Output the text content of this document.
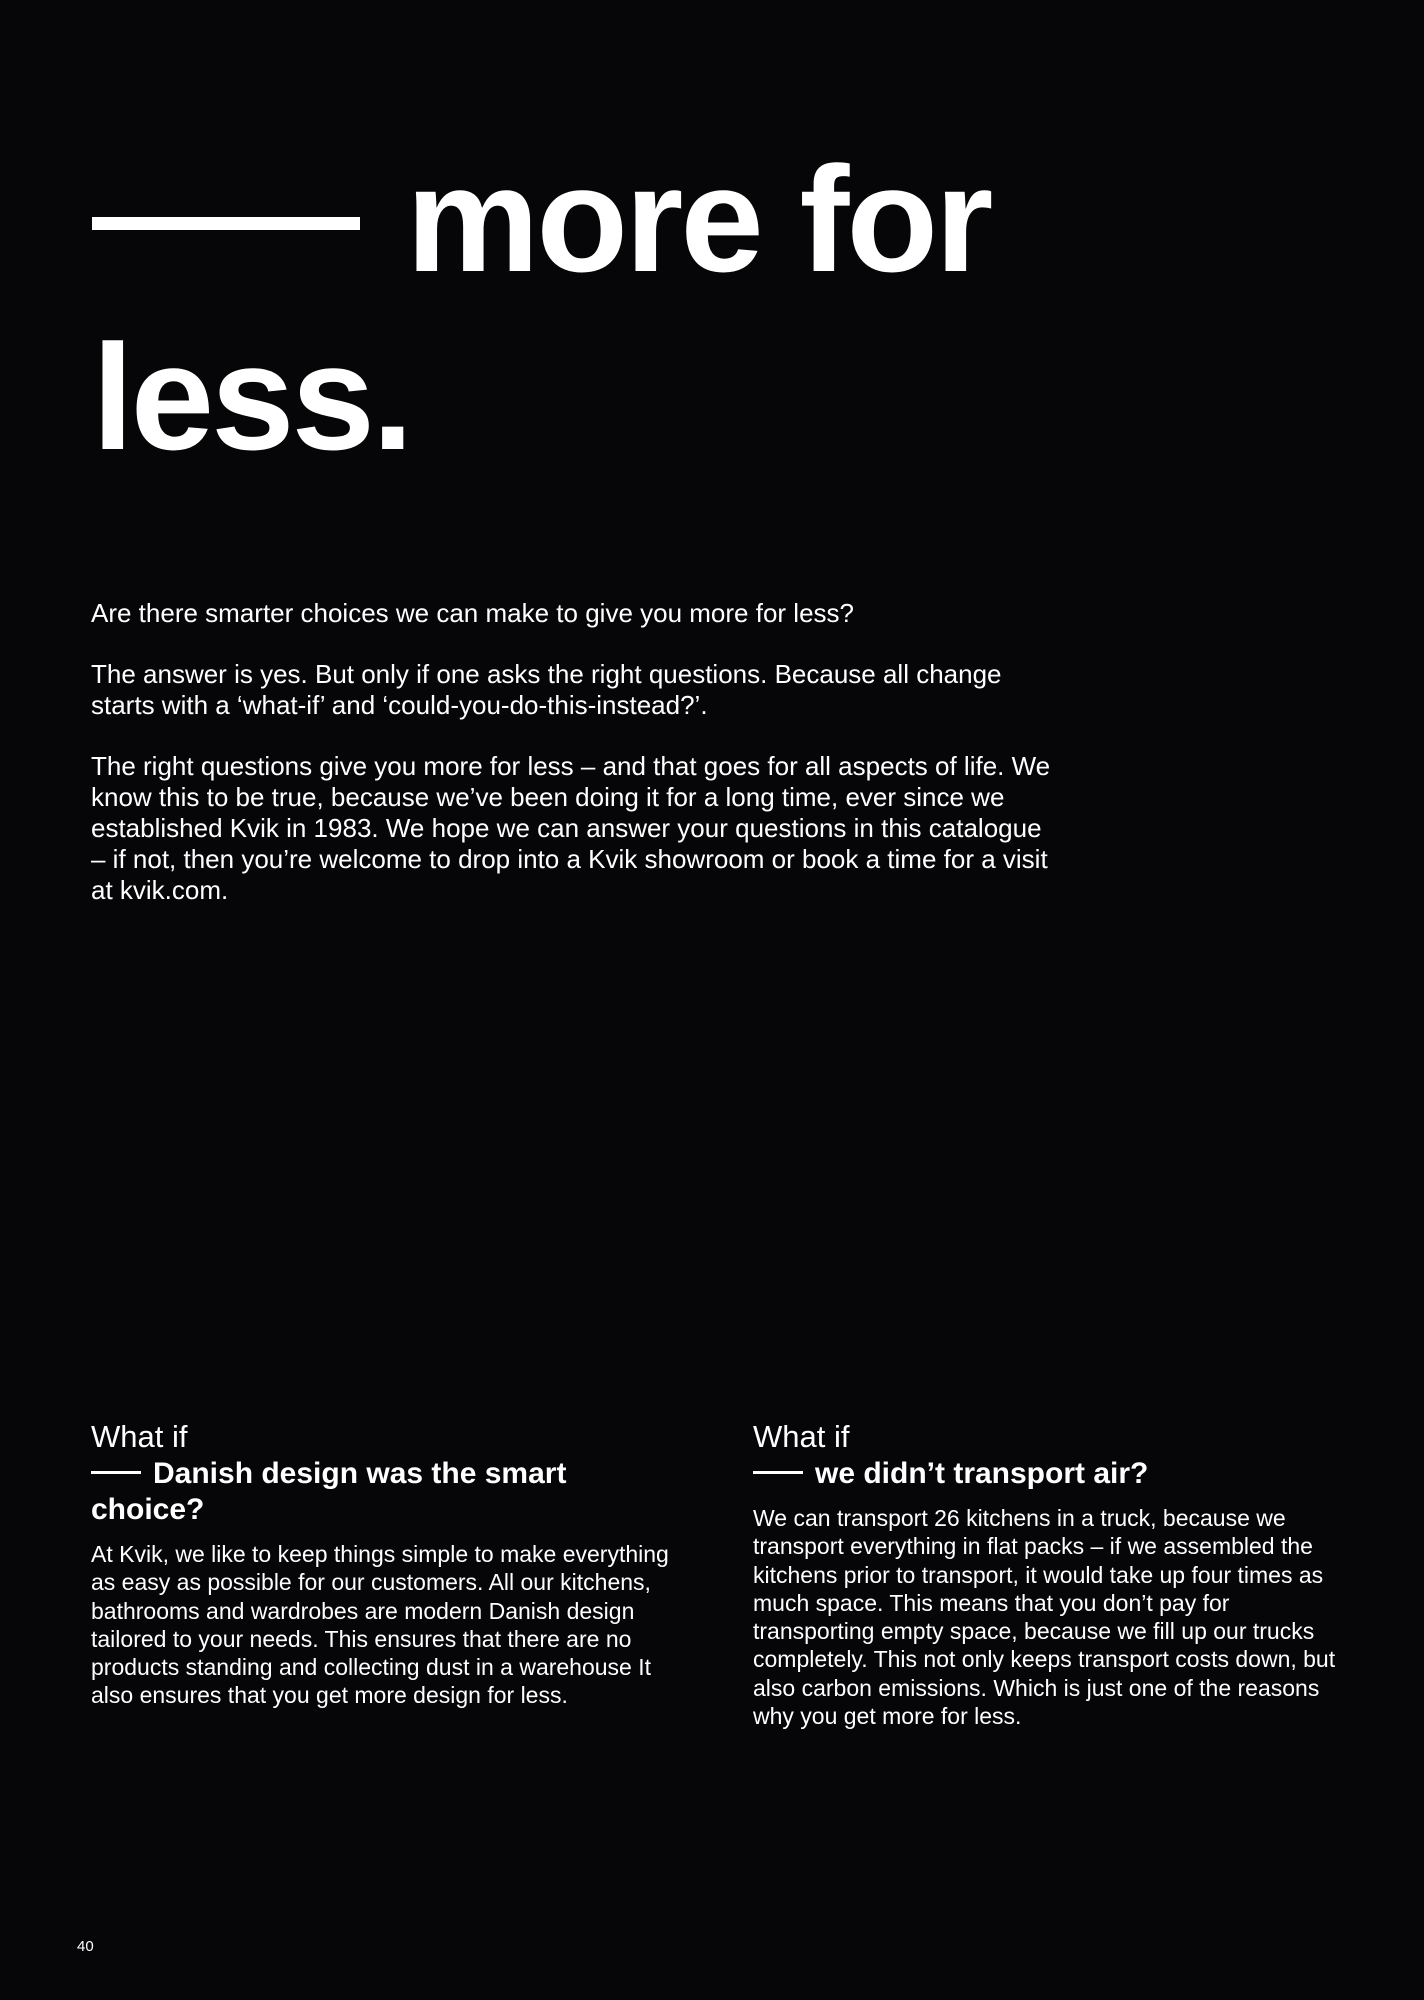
more for
less.

Are there smarter choices we can make to give you more for less?

The answer is yes. But only if one asks the right questions. Because all change starts with a ‘what-if’ and ‘could-you-do-this-instead?’.

The right questions give you more for less – and that goes for all aspects of life. We know this to be true, because we’ve been doing it for a long time, ever since we established Kvik in 1983. We hope we can answer your questions in this catalogue – if not, then you’re welcome to drop into a Kvik showroom or book a time for a visit at kvik.com.

What if

Danish design was the smart choice?

At Kvik, we like to keep things simple to make everything as easy as possible for our customers. All our kitchens, bathrooms and wardrobes are modern Danish design tailored to your needs. This ensures that there are no products standing and collecting dust in a warehouse It also ensures that you get more design for less.

What if

we didn’t transport air?

We can transport 26 kitchens in a truck, because we transport everything in flat packs – if we assembled the kitchens prior to transport, it would take up four times as much space. This means that you don’t pay for transporting empty space, because we fill up our trucks completely. This not only keeps transport costs down, but also carbon emissions. Which is just one of the reasons why you get more for less.

40
